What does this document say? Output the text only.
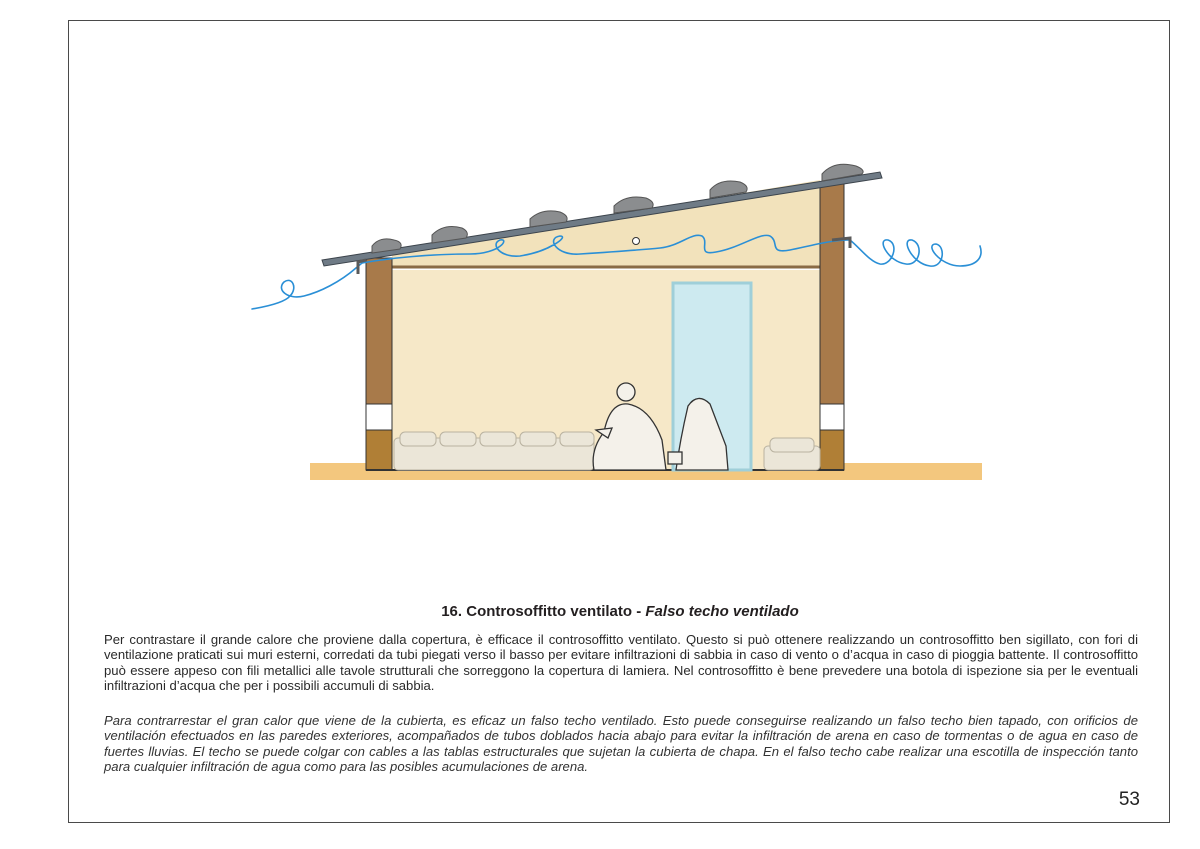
16. Controsoffitto ventilato - Falso techo ventilado
Per contrastare il grande calore che proviene dalla copertura, è efficace il controsoffitto ventilato. Questo si può ottenere realizzando un controsoffitto ben sigillato, con fori di ventilazione praticati sui muri esterni, corredati da tubi piegati verso il basso per evitare infiltrazioni di sabbia in caso di vento o d’acqua in caso di pioggia battente. Il controsoffitto può essere appeso con fili metallici alle tavole strutturali che sorreggono la copertura di lamiera. Nel controsoffitto è bene prevedere una botola di ispezione sia per le eventuali infiltrazioni d’acqua che per i possibili accumuli di sabbia.
Para contrarrestar el gran calor que viene de la cubierta, es eficaz un falso techo ventilado. Esto puede conseguirse realizando un falso techo bien tapado, con orificios de ventilación efectuados en las paredes exteriores, acompañados de tubos doblados hacia abajo para evitar la infiltración de arena en caso de tormentas o de agua en caso de fuertes lluvias. El techo se puede colgar con cables a las tablas estructurales que sujetan la cubierta de chapa. En el falso techo cabe realizar una escotilla de inspección tanto para cualquier infiltración de agua como para las posibles acumulaciones de arena.
53
